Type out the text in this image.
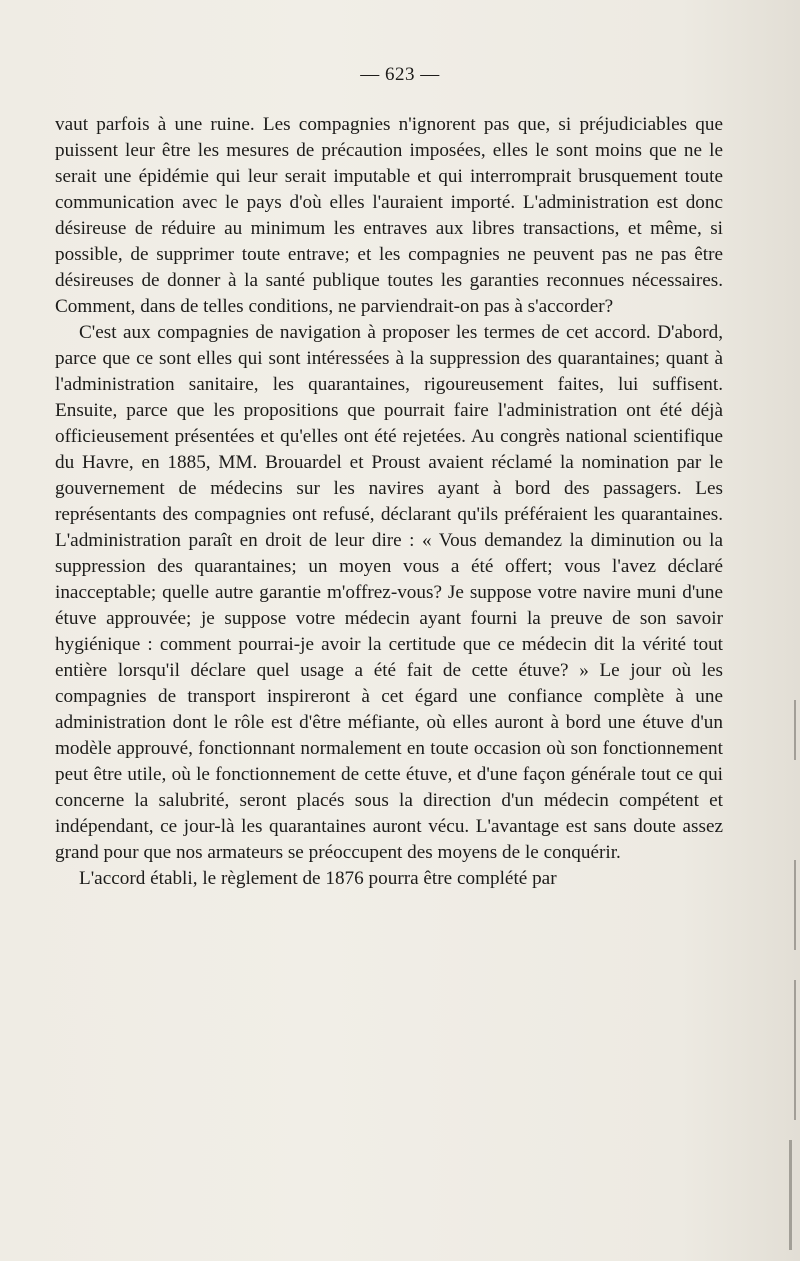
— 623 —

vaut parfois à une ruine. Les compagnies n'ignorent pas que, si préjudiciables que puissent leur être les mesures de précaution imposées, elles le sont moins que ne le serait une épidémie qui leur serait imputable et qui interromprait brusquement toute communication avec le pays d'où elles l'auraient importé. L'administration est donc désireuse de réduire au minimum les entraves aux libres transactions, et même, si possible, de supprimer toute entrave; et les compagnies ne peuvent pas ne pas être désireuses de donner à la santé publique toutes les garanties reconnues nécessaires. Comment, dans de telles conditions, ne parviendrait-on pas à s'accorder?

C'est aux compagnies de navigation à proposer les termes de cet accord. D'abord, parce que ce sont elles qui sont intéressées à la suppression des quarantaines; quant à l'administration sanitaire, les quarantaines, rigoureusement faites, lui suffisent. Ensuite, parce que les propositions que pourrait faire l'administration ont été déjà officieusement présentées et qu'elles ont été rejetées. Au congrès national scientifique du Havre, en 1885, MM. Brouardel et Proust avaient réclamé la nomination par le gouvernement de médecins sur les navires ayant à bord des passagers. Les représentants des compagnies ont refusé, déclarant qu'ils préféraient les quarantaines. L'administration paraît en droit de leur dire : « Vous demandez la diminution ou la suppression des quarantaines; un moyen vous a été offert; vous l'avez déclaré inacceptable; quelle autre garantie m'offrez-vous? Je suppose votre navire muni d'une étuve approuvée; je suppose votre médecin ayant fourni la preuve de son savoir hygiénique : comment pourrai-je avoir la certitude que ce médecin dit la vérité tout entière lorsqu'il déclare quel usage a été fait de cette étuve? » Le jour où les compagnies de transport inspireront à cet égard une confiance complète à une administration dont le rôle est d'être méfiante, où elles auront à bord une étuve d'un modèle approuvé, fonctionnant normalement en toute occasion où son fonctionnement peut être utile, où le fonctionnement de cette étuve, et d'une façon générale tout ce qui concerne la salubrité, seront placés sous la direction d'un médecin compétent et indépendant, ce jour-là les quarantaines auront vécu. L'avantage est sans doute assez grand pour que nos armateurs se préoccupent des moyens de le conquérir.

L'accord établi, le règlement de 1876 pourra être complété par
